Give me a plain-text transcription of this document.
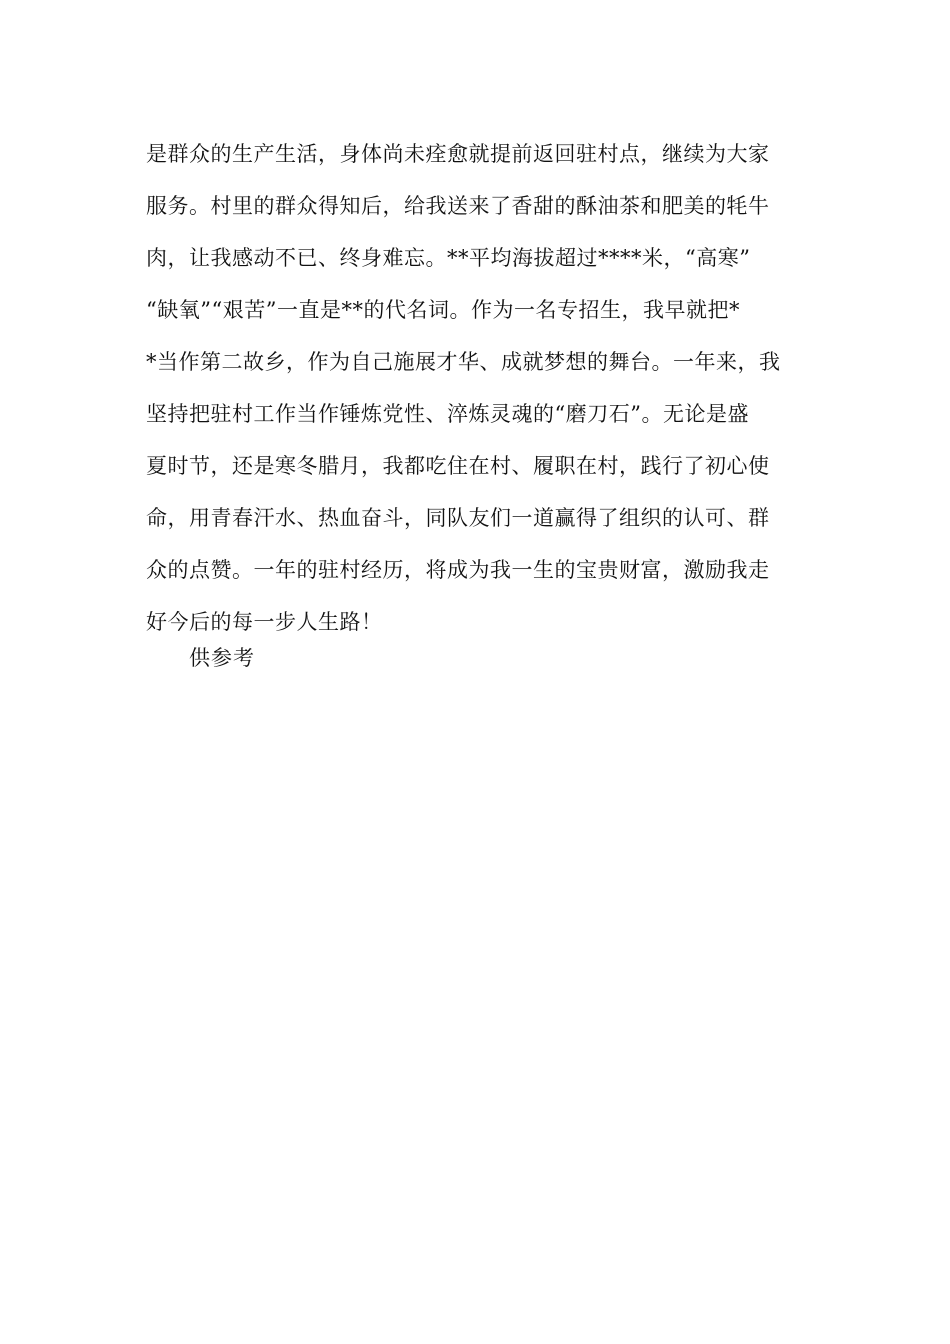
是群众的生产生活，身体尚未痊愈就提前返回驻村点，继续为大家
服务。村里的群众得知后，给我送来了香甜的酥油茶和肥美的牦牛
肉，让我感动不已、终身难忘。**平均海拔超过****米，“高寒”
“缺氧”“艰苦”一直是**的代名词。作为一名专招生，我早就把*
*当作第二故乡，作为自己施展才华、成就梦想的舞台。一年来，我
坚持把驻村工作当作锤炼党性、淬炼灵魂的“磨刀石”。无论是盛
夏时节，还是寒冬腊月，我都吃住在村、履职在村，践行了初心使
命，用青春汗水、热血奋斗，同队友们一道赢得了组织的认可、群
众的点赞。一年的驻村经历，将成为我一生的宝贵财富，激励我走
好今后的每一步人生路！
供参考
